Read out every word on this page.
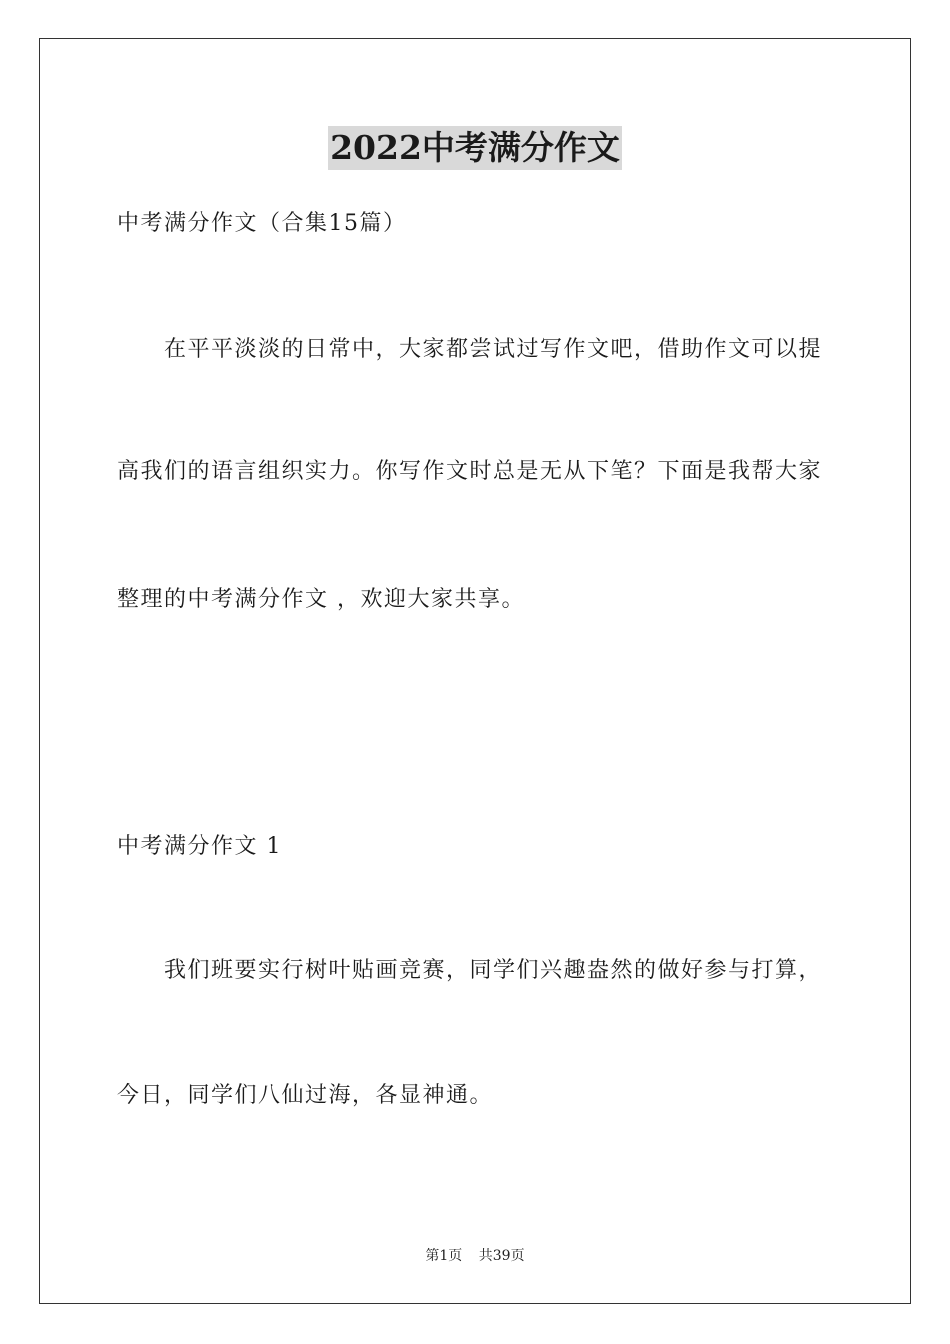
2022中考满分作文
中考满分作文（合集15篇）
在平平淡淡的日常中，大家都尝试过写作文吧，借助作文可以提
高我们的语言组织实力。你写作文时总是无从下笔？下面是我帮大家
整理的中考满分作文 ，欢迎大家共享。
中考满分作文 1
我们班要实行树叶贴画竞赛，同学们兴趣盎然的做好参与打算，
今日，同学们八仙过海，各显神通。
第1页 共39页
